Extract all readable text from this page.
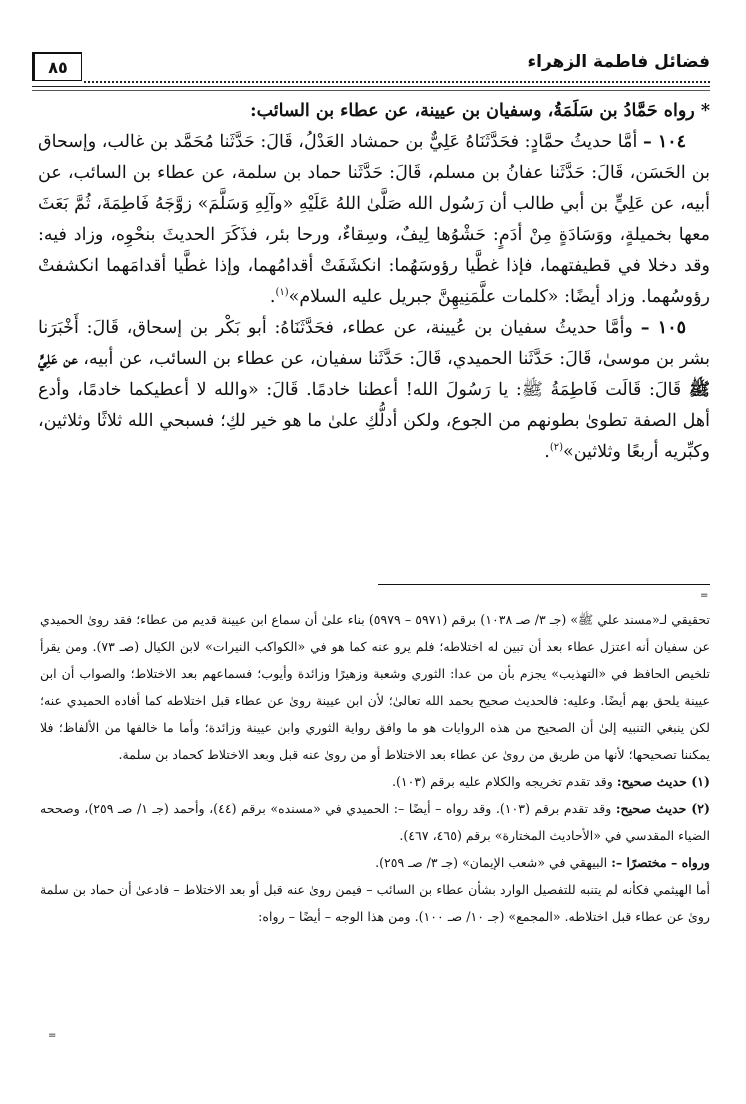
٨٥	فضائل فاطمة الزهراء

* رواه حَمَّادُ بن سَلَمَةُ، وسفيان بن عيينة، عن عطاء بن السائب:

١٠٤ – أمَّا حديثُ حمَّادٍ: فحَدَّثَنَاهُ عَلِيٌّ بن حمشاد العَدْلُ، قَالَ: حَدَّثَنا مُحَمَّد بن غالب، وإسحاق بن الحَسَن، قَالَ: حَدَّثَنا عفانُ بن مسلم، قَالَ: حَدَّثَنا حماد بن سلمة، عن عطاء بن السائب، عن أبيه، عن عَلِيٍّ بن أبي طالب أن رَسُول الله صَلَّىٰ اللهُ عَلَيْهِ «وآلِهِ وَسَلَّمَ» زوَّجَهُ فَاطِمَةَ، ثُمَّ بَعَثَ معها بخميلةٍ، ووَسَادَةٍ مِنْ أدَمٍ: حَشْوُها لِيفٌ، وسِقاءٌ، ورحا بئر، فذَكَرَ الحديثَ بنحْوِه، وزاد فيه: وقد دخلا في قطيفتهما، فإذا غطَّيا رؤوسَهُما: انكشَفَتْ أقدامُهما، وإذا غطَّيا أقدامَهما انكشفتْ رؤوسُهما. وزاد أيضًا: «كلمات علَّمَنِيهِنَّ جبريل عليه السلام»$^{(١)}$.

١٠٥ – وأمَّا حديثُ سفيان بن عُيينة، عن عطاء، فحَدَّثَنَاهُ: أبو بَكْر بن إسحاق، قَالَ: أَخْبَرَنا بشر بن موسىٰ، قَالَ: حَدَّثَنا الحميدي، قَالَ: حَدَّثَنا سفيان، عن عطاء بن السائب، عن أبيه، عن عَلِيٍّ ﷺ قَالَ: قَالَت فَاطِمَةُ ﷺ: يا رَسُولَ الله! أعطنا خادمًا. قَالَ: «والله لا أعطيكما خادمًا، وأدع أهل الصفة تطوىٰ بطونهم من الجوع، ولكن أدلُّكِ علىٰ ما هو خير لكِ؛ فسبحي الله ثلاثًا وثلاثين، وكبِّريه أربعًا وثلاثين»$^{(٢)}$.

=

تحقيقي لـ«مسند علي ﷺ» (جـ ٣/ صـ ١٠٣٨) برقم (٥٩٧١ – ٥٩٧٩) بناء علىٰ أن سماع ابن عيينة قديم من عطاء؛ فقد روىٰ الحميدي عن سفيان أنه اعتزل عطاء بعد أن تبين له اختلاطه؛ فلم يرو عنه كما هو في «الكواكب النيرات» لابن الكيال (صـ ٧٣). ومن يقرأ تلخيص الحافظ في «التهذيب» يجزم بأن من عدا: الثوري وشعبة وزهيرًا وزائدة وأيوب؛ فسماعهم بعد الاختلاط؛ والصواب أن ابن عيينة يلحق بهم أيضًا. وعليه: فالحديث صحيح بحمد الله تعالىٰ؛ لأن ابن عيينة روىٰ عن عطاء قبل اختلاطه كما أفاده الحميدي عنه؛ لكن ينبغي التنبيه إلىٰ أن الصحيح من هذه الروايات هو ما وافق رواية الثوري وابن عيينة وزائدة؛ وأما ما خالفها من الألفاظ؛ فلا يمكننا تصحيحها؛ لأنها من طريق من روىٰ عن عطاء بعد الاختلاط أو من روىٰ عنه قبل وبعد الاختلاط كحماد بن سلمة.

(١) حديث صحيح: وقد تقدم تخريجه والكلام عليه برقم (١٠٣).

(٢) حديث صحيح: وقد تقدم برقم (١٠٣). وقد رواه – أيضًا –: الحميدي في «مسنده» برقم (٤٤)، وأحمد (جـ ١/ صـ ٢٥٩)، وصححه الضياء المقدسي في «الأحاديث المختارة» برقم (٤٦٥، ٤٦٧).

ورواه – مختصرًا –: البيهقي في «شعب الإيمان» (جـ ٣/ صـ ٢٥٩).

أما الهيثمي فكأنه لم يتنبه للتفصيل الوارد بشأن عطاء بن السائب – فيمن روىٰ عنه قبل أو بعد الاختلاط – فادعىٰ أن حماد بن سلمة روىٰ عن عطاء قبل اختلاطه. «المجمع» (جـ ١٠/ صـ ١٠٠). ومن هذا الوجه – أيضًا – رواه:

=
